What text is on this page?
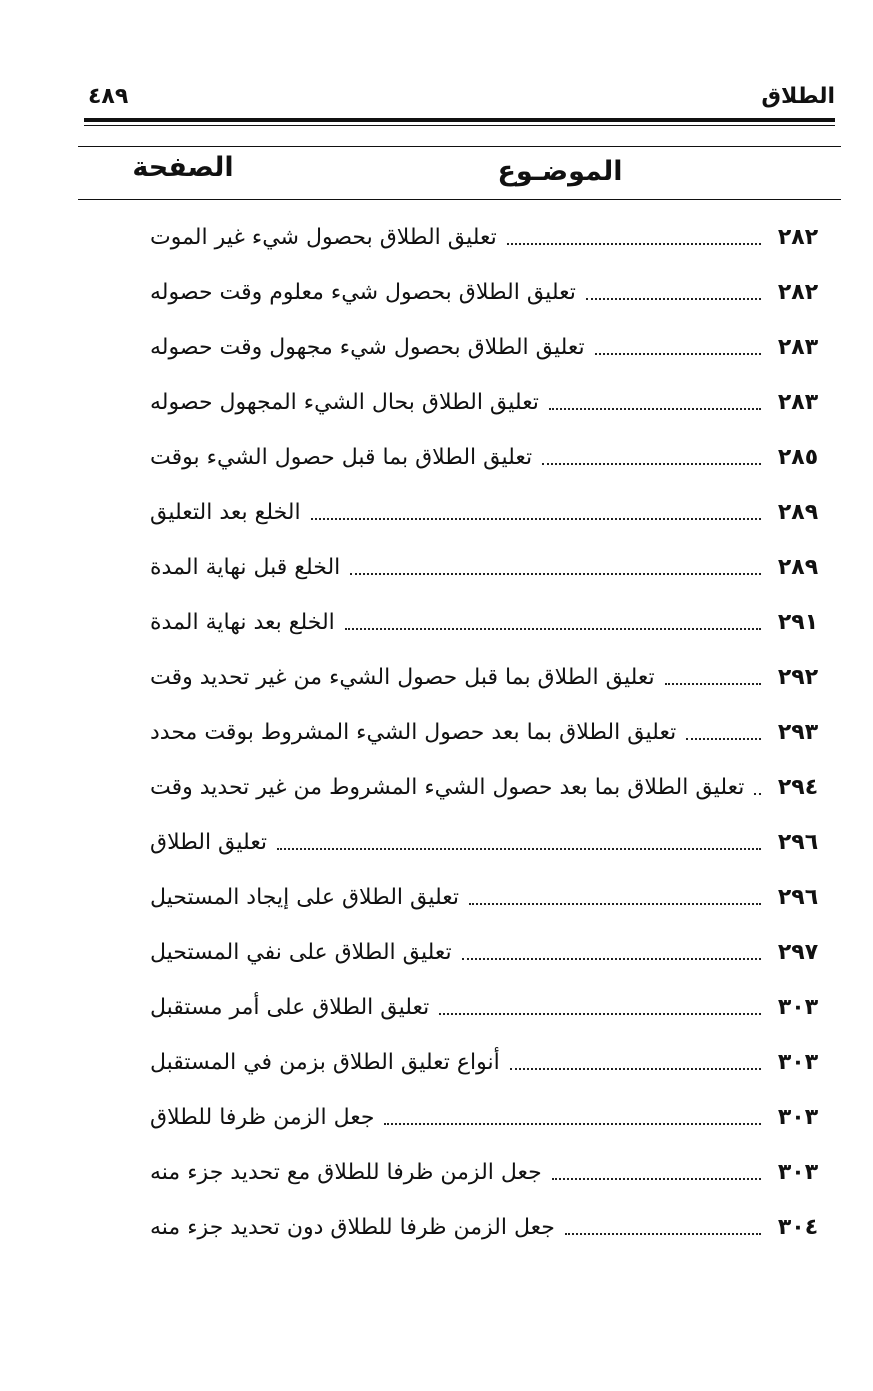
الطلاق
٤٨٩
الموضـوع
الصفحة
تعليق الطلاق بحصول شيء غير الموت	٢٨٢
تعليق الطلاق بحصول شيء معلوم وقت حصوله	٢٨٢
تعليق الطلاق بحصول شيء مجهول وقت حصوله	٢٨٣
تعليق الطلاق بحال الشيء المجهول حصوله	٢٨٣
تعليق الطلاق بما قبل حصول الشيء بوقت	٢٨٥
الخلع بعد التعليق	٢٨٩
الخلع قبل نهاية المدة	٢٨٩
الخلع بعد نهاية المدة	٢٩١
تعليق الطلاق بما قبل حصول الشيء من غير تحديد وقت	٢٩٢
تعليق الطلاق بما بعد حصول الشيء المشروط بوقت محدد	٢٩٣
تعليق الطلاق بما بعد حصول الشيء المشروط من غير تحديد وقت	٢٩٤
تعليق الطلاق	٢٩٦
تعليق الطلاق على إيجاد المستحيل	٢٩٦
تعليق الطلاق على نفي المستحيل	٢٩٧
تعليق الطلاق على أمر مستقبل	٣٠٣
أنواع تعليق الطلاق بزمن في المستقبل	٣٠٣
جعل الزمن ظرفا للطلاق	٣٠٣
جعل الزمن ظرفا للطلاق مع تحديد جزء منه	٣٠٣
جعل الزمن ظرفا للطلاق دون تحديد جزء منه	٣٠٤
